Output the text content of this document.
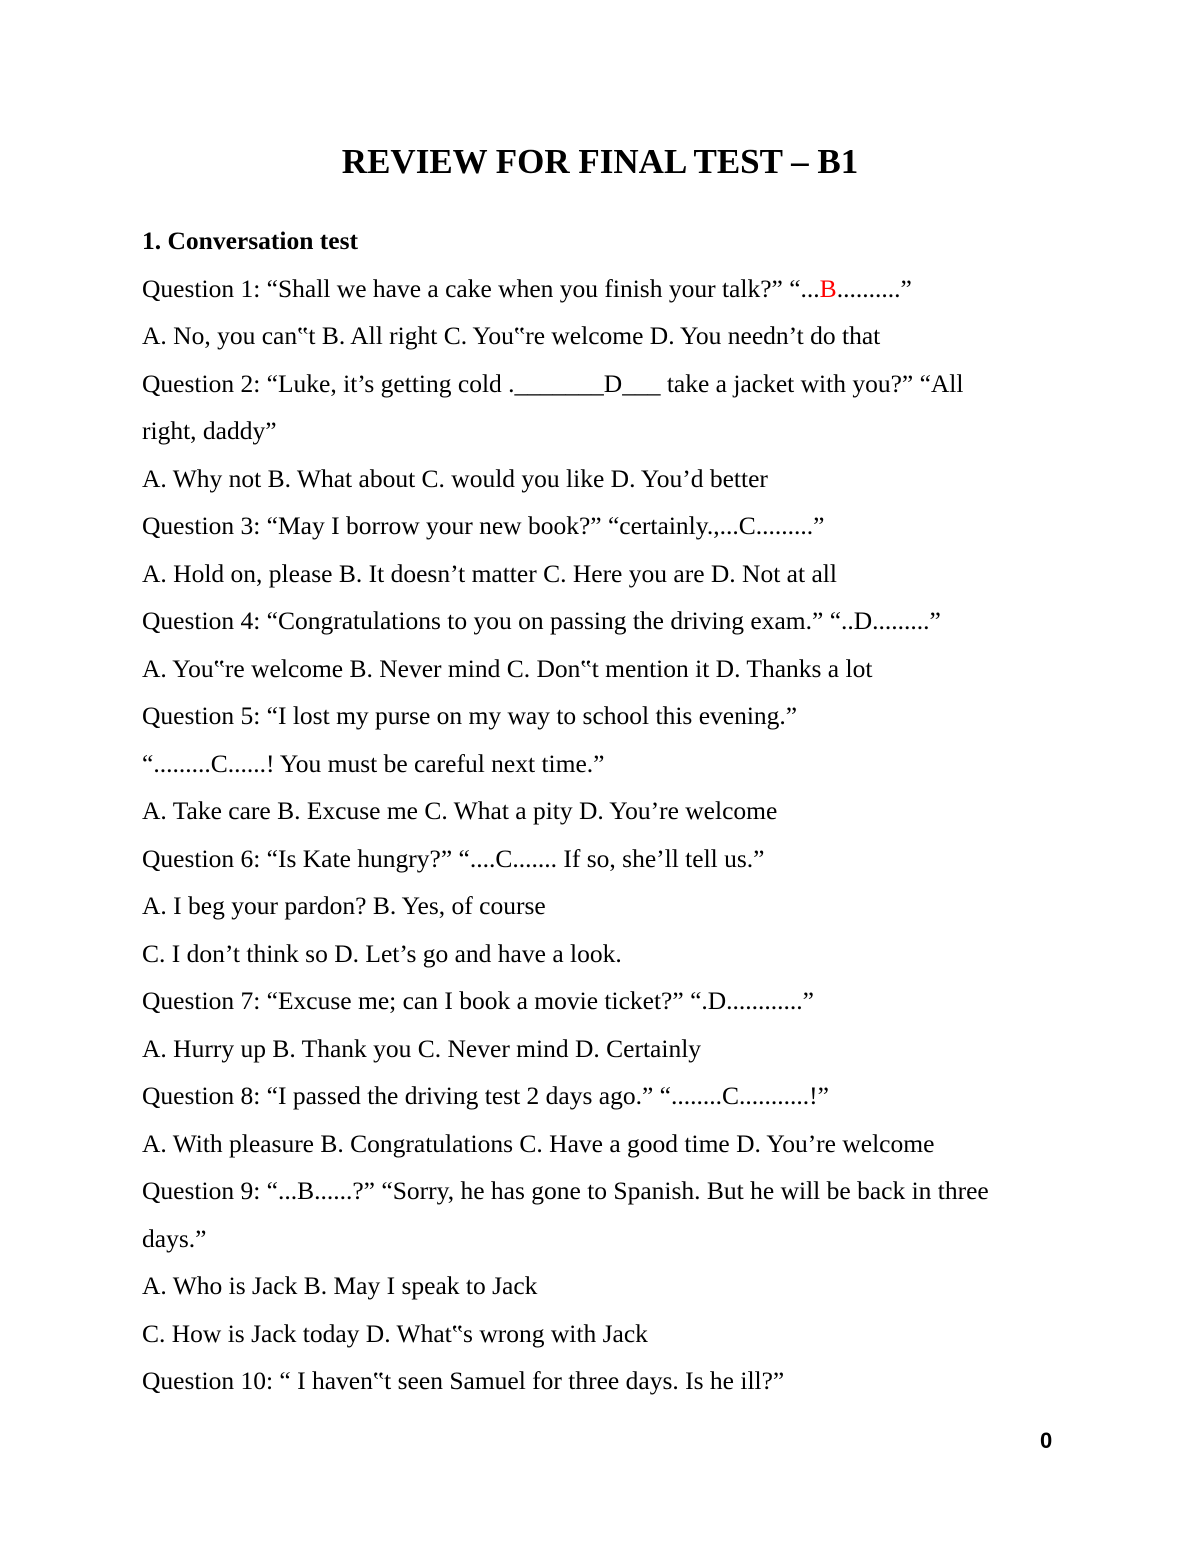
REVIEW FOR FINAL TEST – B1

1. Conversation test

Question 1: “Shall we have a cake when you finish your talk?” “...B..........”

A. No, you can‟t B. All right C. You‟re welcome D. You needn’t do that

Question 2: “Luke, it’s getting cold ._______D___ take a jacket with you?” “All

right, daddy”

A. Why not B. What about C. would you like D. You’d better

Question 3: “May I borrow your new book?” “certainly.,...C.........”

A. Hold on, please B. It doesn’t matter C. Here you are D. Not at all

Question 4: “Congratulations to you on passing the driving exam.” “..D.........”

A. You‟re welcome B. Never mind C. Don‟t mention it D. Thanks a lot

Question 5: “I lost my purse on my way to school this evening.”

“.........C......! You must be careful next time.”

A. Take care B. Excuse me C. What a pity D. You’re welcome

Question 6: “Is Kate hungry?” “....C....... If so, she’ll tell us.”

A. I beg your pardon? B. Yes, of course

C. I don’t think so D. Let’s go and have a look.

Question 7: “Excuse me; can I book a movie ticket?” “.D............”

A. Hurry up B. Thank you C. Never mind D. Certainly

Question 8: “I passed the driving test 2 days ago.” “........C...........!”

A. With pleasure B. Congratulations C. Have a good time D. You’re welcome

Question 9: “...B......?” “Sorry, he has gone to Spanish. But he will be back in three

days.”

A. Who is Jack B. May I speak to Jack

C. How is Jack today D. What‟s wrong with Jack

Question 10: “ I haven‟t seen Samuel for three days. Is he ill?”

0
